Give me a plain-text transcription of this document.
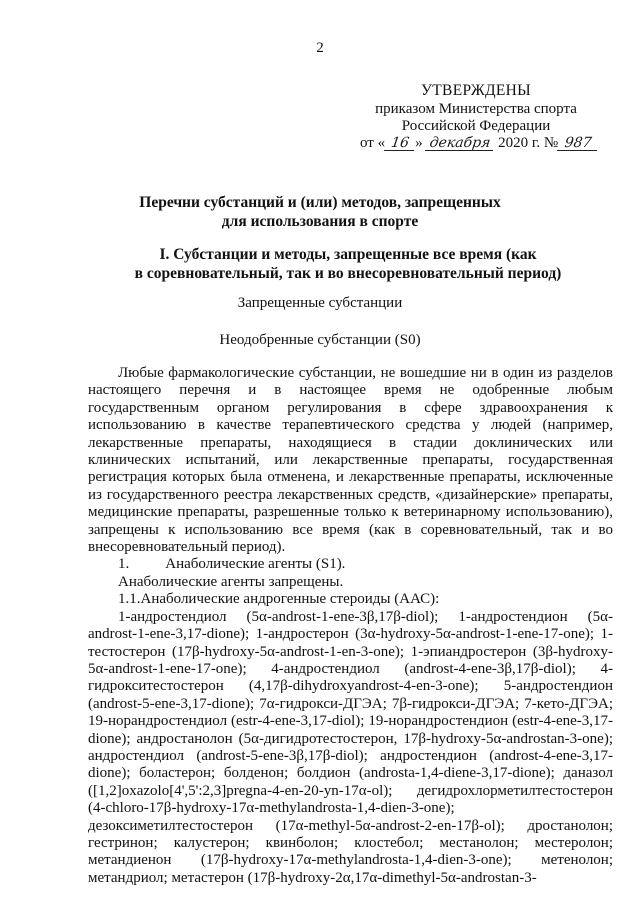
2
УТВЕРЖДЕНЫ
приказом Министерства спорта
Российской Федерации
от « 16 » декабря 2020 г. № 987
Перечни субстанций и (или) методов, запрещенных
для использования в спорте
I. Субстанции и методы, запрещенные все время (как
в соревновательный, так и во внесоревновательный период)
Запрещенные субстанции
Неодобренные субстанции (S0)

Любые фармакологические субстанции, не вошедшие ни в один из разделов настоящего перечня и в настоящее время не одобренные любым государственным органом регулирования в сфере здравоохранения к использованию в качестве терапевтического средства у людей (например, лекарственные препараты, находящиеся в стадии доклинических или клинических испытаний, или лекарственные препараты, государственная регистрация которых была отменена, и лекарственные препараты, исключенные из государственного реестра лекарственных средств, «дизайнерские» препараты, медицинские препараты, разрешенные только к ветеринарному использованию), запрещены к использованию все время (как в соревновательный, так и во внесоревновательный период).

1. Анаболические агенты (S1).

Анаболические агенты запрещены.

1.1.Анаболические андрогенные стероиды (ААС):

1-андростендиол (5α-androst-1-ene-3β,17β-diol); 1-андростендион (5α-androst-1-ene-3,17-dione); 1-андростерон (3α-hydroxy-5α-androst-1-ene-17-one); 1-тестостерон (17β-hydroxy-5α-androst-1-en-3-one); 1-эпиандростерон (3β-hydroxy-5α-androst-1-ene-17-one); 4-андростендиол (androst-4-ene-3β,17β-diol); 4-гидрокситестостерон (4,17β-dihydroxyandrost-4-en-3-one); 5-андростендион (androst-5-ene-3,17-dione); 7α-гидрокси-ДГЭА; 7β-гидрокси-ДГЭА; 7-кето-ДГЭА; 19-норандростендиол (estr-4-ene-3,17-diol); 19-норандростендион (estr-4-ene-3,17-dione); андростанолон (5α-дигидротестостерон, 17β-hydroxy-5α-androstan-3-one); андростендиол (androst-5-ene-3β,17β-diol); андростендион (androst-4-ene-3,17-dione); боластерон; болденон; болдион (androsta-1,4-diene-3,17-dione); даназол ([1,2]oxazolo[4',5':2,3]pregna-4-en-20-yn-17α-ol); дегидрохлорметилтестостерон (4-chloro-17β-hydroxy-17α-methylandrosta-1,4-dien-3-one); дезоксиметилтестостерон (17α-methyl-5α-androst-2-en-17β-ol); дростанолон; гестринон; калустерон; квинболон; клостебол; местанолон; местеролон; метандиенон (17β-hydroxy-17α-methylandrosta-1,4-dien-3-one); метенолон; метандриол; метастерон (17β-hydroxy-2α,17α-dimethyl-5α-androstan-3-
